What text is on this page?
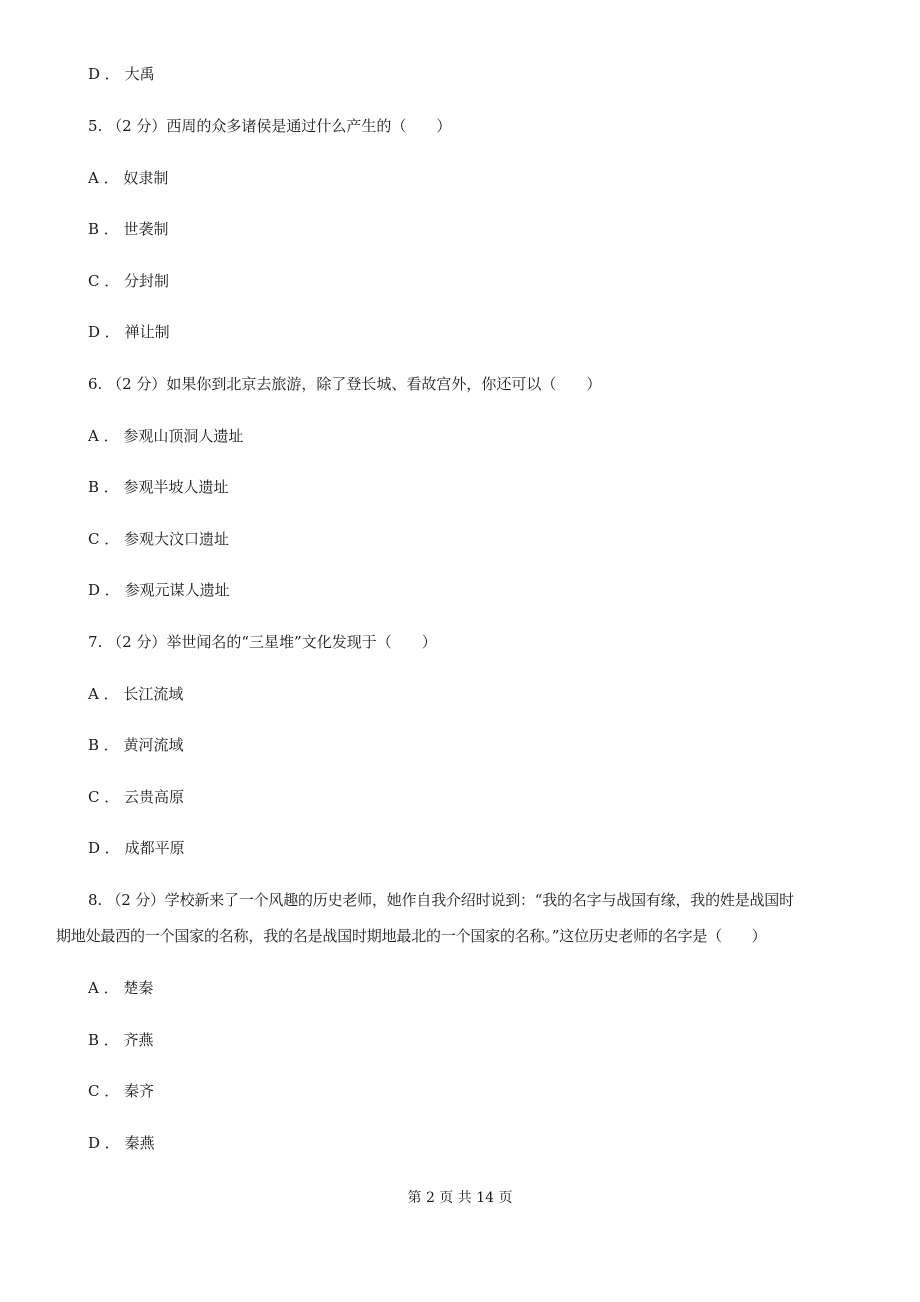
D ． 大禹
5. （2 分）西周的众多诸侯是通过什么产生的（　　）
A ． 奴隶制
B ． 世袭制
C ． 分封制
D ． 禅让制
6. （2 分）如果你到北京去旅游，除了登长城、看故宫外，你还可以（　　）
A ． 参观山顶洞人遗址
B ． 参观半坡人遗址
C ． 参观大汶口遗址
D ． 参观元谋人遗址
7. （2 分）举世闻名的“三星堆”文化发现于（　　）
A ． 长江流域
B ． 黄河流域
C ． 云贵高原
D ． 成都平原
8. （2 分）学校新来了一个风趣的历史老师，她作自我介绍时说到：“我的名字与战国有缘，我的姓是战国时
期地处最西的一个国家的名称，我的名是战国时期地最北的一个国家的名称。”这位历史老师的名字是（　　）
A ． 楚秦
B ． 齐燕
C ． 秦齐
D ． 秦燕
第 2 页 共 14 页
